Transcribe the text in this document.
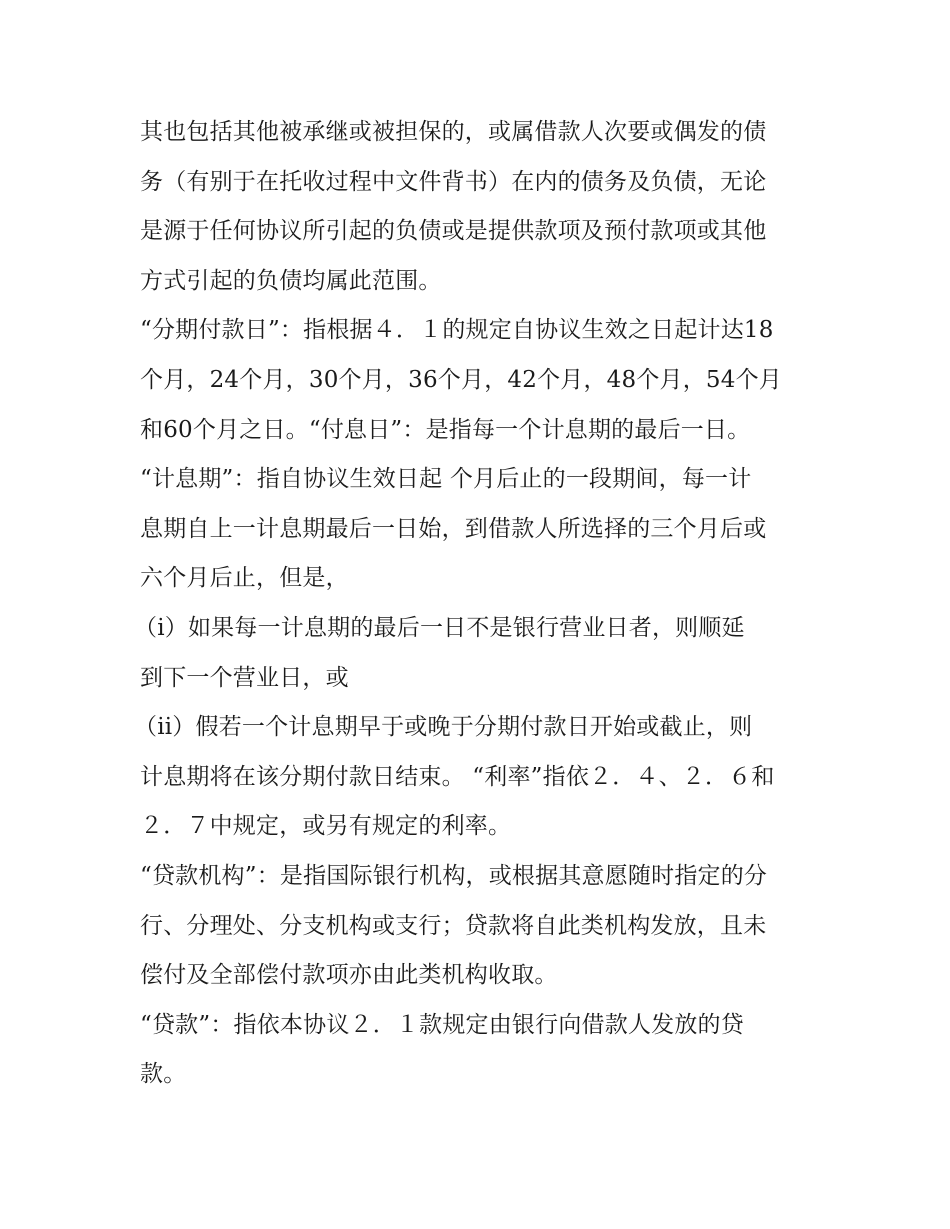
其也包括其他被承继或被担保的，或属借款人次要或偶发的债
务（有别于在托收过程中文件背书）在内的债务及负债，无论
是源于任何协议所引起的负债或是提供款项及预付款项或其他
方式引起的负债均属此范围。
“分期付款日”：指根据４．１的规定自协议生效之日起计达18
个月，24个月，30个月，36个月，42个月，48个月，54个月
和60个月之日。“付息日”：是指每一个计息期的最后一日。
“计息期”：指自协议生效日起 个月后止的一段期间，每一计
息期自上一计息期最后一日始，到借款人所选择的三个月后或
六个月后止，但是，
（i）如果每一计息期的最后一日不是银行营业日者，则顺延
到下一个营业日，或
（ii）假若一个计息期早于或晚于分期付款日开始或截止，则
计息期将在该分期付款日结束。 “利率”指依２．４、２．６和
２．７中规定，或另有规定的利率。
“贷款机构”：是指国际银行机构，或根据其意愿随时指定的分
行、分理处、分支机构或支行；贷款将自此类机构发放，且未
偿付及全部偿付款项亦由此类机构收取。
“贷款”：指依本协议２．１款规定由银行向借款人发放的贷
款。
